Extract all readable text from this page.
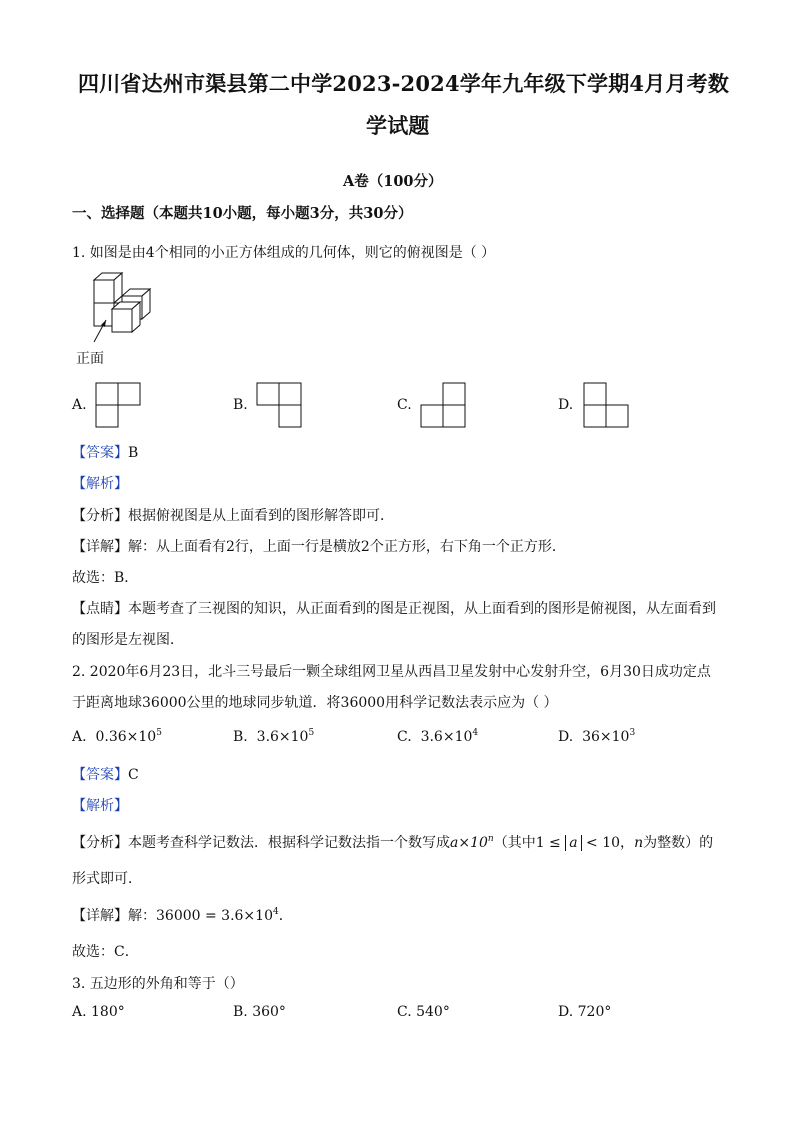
四川省达州市渠县第二中学2023-2024学年九年级下学期4月月考数
学试题
A卷（100分）
一、选择题（本题共10小题，每小题3分，共30分）
1. 如图是由4个相同的小正方体组成的几何体，则它的俯视图是（ ）
正面
A.	B.	C.	D.
【答案】B
【解析】
【分析】根据俯视图是从上面看到的图形解答即可．
【详解】解：从上面看有2行，上面一行是横放2个正方形，右下角一个正方形．
故选：B．
【点睛】本题考查了三视图的知识，从正面看到的图是正视图，从上面看到的图形是俯视图，从左面看到
的图形是左视图．
2. 2020年6月23日，北斗三号最后一颗全球组网卫星从西昌卫星发射中心发射升空，6月30日成功定点
于距离地球36000公里的地球同步轨道．将36000用科学记数法表示应为（ ）
A. $0.36\times 10^5$	B. $3.6\times 10^5$	C. $3.6\times 10^4$	D. $36\times 10^3$
【答案】C
【解析】
【分析】本题考查科学记数法．根据科学记数法指一个数写成$a\times 10^n$（其中1 ≤ a < 10，n为整数）的
形式即可．
【详解】解：$36000 = 3.6\times 10^4$．
故选：C．
3. 五边形的外角和等于（）
A. 180°	B. 360°	C. 540°	D. 720°
